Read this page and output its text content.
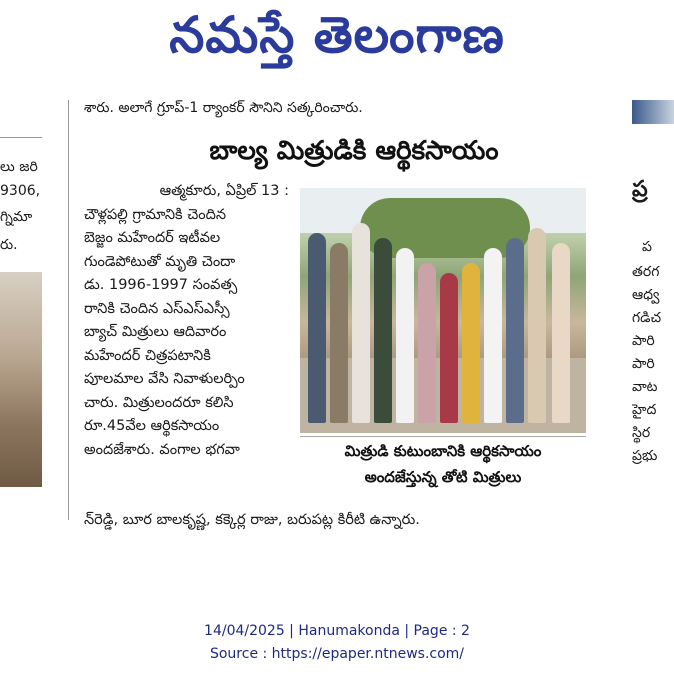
నమస్తే తెలంగాణ
లు జరి
9306,
గ్నిమా
రు.
ప్ర
ప
తరగ
ఆధ్వ
గడిచ
పారి
పారి
వాట
హైద
స్థిర
ప్రభు
శారు. అలాగే గ్రూప్‌-1 ర్యాంకర్‌ సౌనిని సత్కరించారు.
బాల్య మిత్రుడికి ఆర్థికసాయం

ఆత్మకూరు, ఏప్రిల్‌ 13 :

చౌళ్లపల్లి గ్రామానికి చెందిన

బెజ్జం మహేందర్‌ ఇటీవల

గుండెపోటుతో మృతి చెందా

డు. 1996-1997 సంవత్స

రానికి చెందిన ఎస్‌ఎస్‌ఎస్సీ

బ్యాచ్‌ మిత్రులు ఆదివారం

మహేందర్‌ చిత్రపటానికి

పూలమాల వేసి నివాళులర్పిం

చారు. మిత్రులందరూ కలిసి

రూ.45వేల ఆర్థికసాయం

అందజేశారు. వంగాల భగవా	మిత్రుడి కుటుంబానికి ఆర్థికసాయం
అందజేస్తున్న తోటి మిత్రులు
న్‌రెడ్డి, బూర బాలకృష్ణ, కక్కెర్ల రాజు, బరుపట్ల కిరీటి ఉన్నారు.
14/04/2025 | Hanumakonda | Page : 2
Source : https://epaper.ntnews.com/
